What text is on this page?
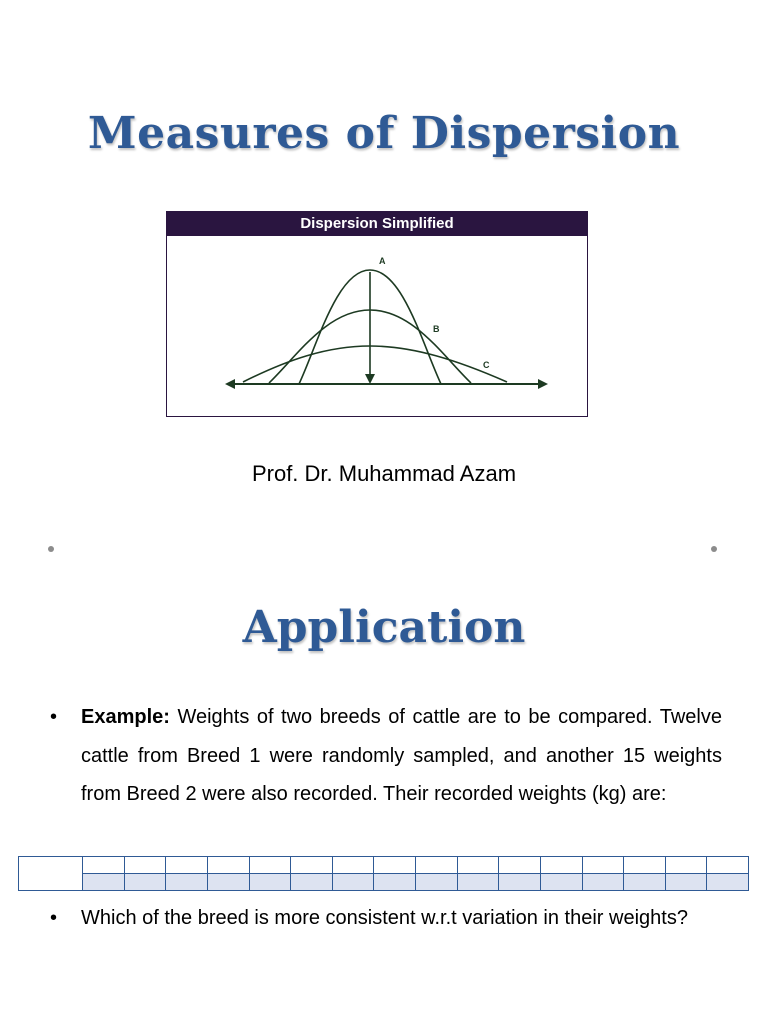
Measures of Dispersion
Dispersion Simplified
A
B
C
Prof. Dr. Muhammad Azam
Application
• Example: Weights of two breeds of cattle are to be compared. Twelve cattle from Breed 1 were randomly sampled, and another 15 weights from Breed 2 were also recorded. Their recorded weights (kg) are:

• Which of the breed is more consistent w.r.t variation in their weights?
